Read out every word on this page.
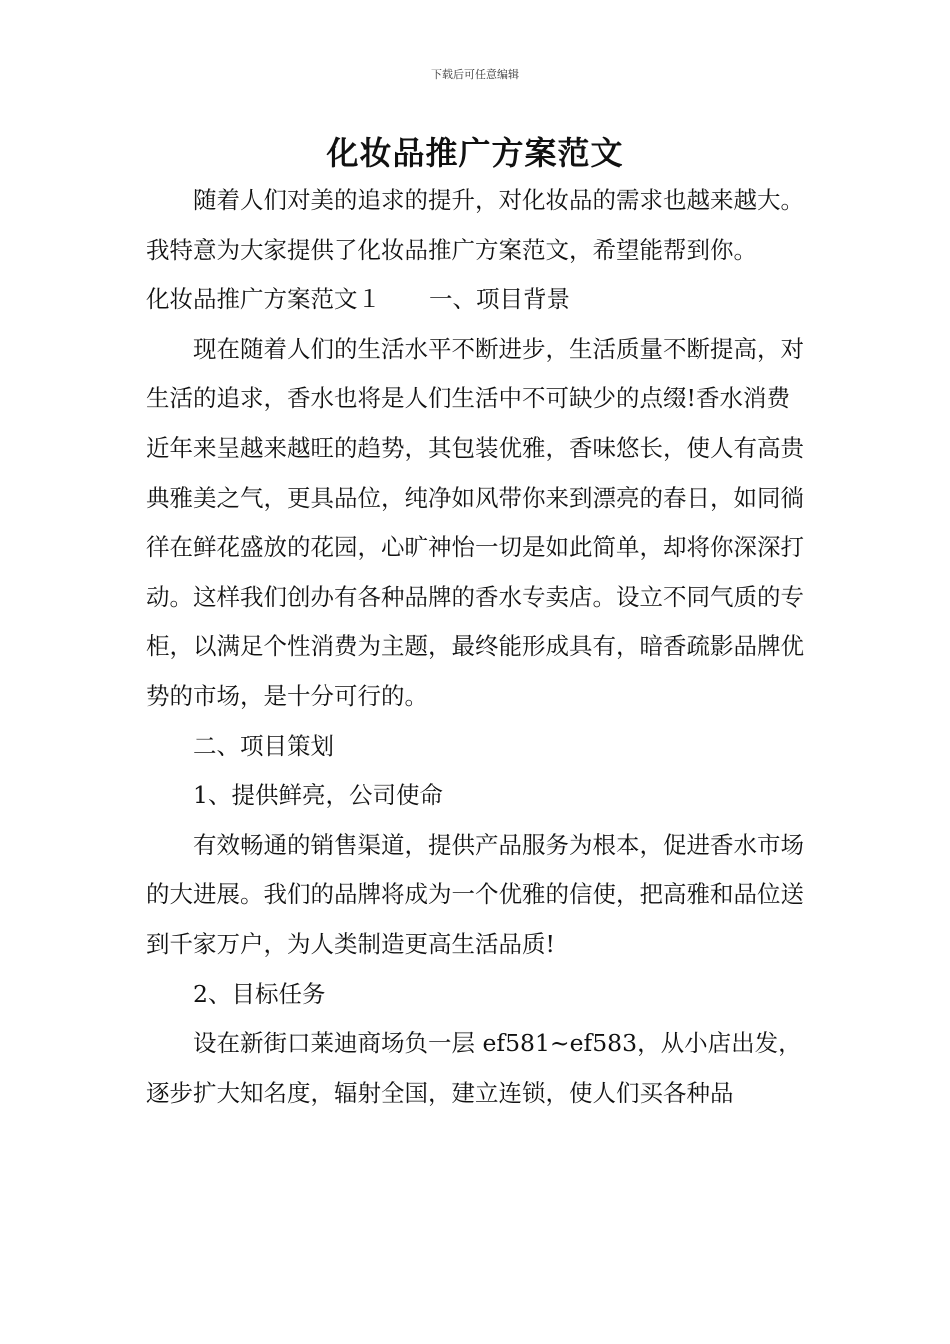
下载后可任意编辑
化妆品推广方案范文

随着人们对美的追求的提升，对化妆品的需求也越来越大。我特意为大家提供了化妆品推广方案范文，希望能帮到你。

化妆品推广方案范文１ 一、项目背景

现在随着人们的生活水平不断进步，生活质量不断提高，对生活的追求，香水也将是人们生活中不可缺少的点缀!香水消费近年来呈越来越旺的趋势，其包装优雅，香味悠长，使人有高贵典雅美之气，更具品位，纯净如风带你来到漂亮的春日，如同徜徉在鲜花盛放的花园，心旷神怡一切是如此简单，却将你深深打动。这样我们创办有各种品牌的香水专卖店。设立不同气质的专柜，以满足个性消费为主题，最终能形成具有，暗香疏影品牌优势的市场，是十分可行的。

二、项目策划

1、提供鲜亮，公司使命

有效畅通的销售渠道，提供产品服务为根本，促进香水市场的大进展。我们的品牌将成为一个优雅的信使，把高雅和品位送到千家万户，为人类制造更高生活品质!

2、目标任务

设在新街口莱迪商场负一层 ef581~ef583，从小店出发，逐步扩大知名度，辐射全国，建立连锁，使人们买各种品
